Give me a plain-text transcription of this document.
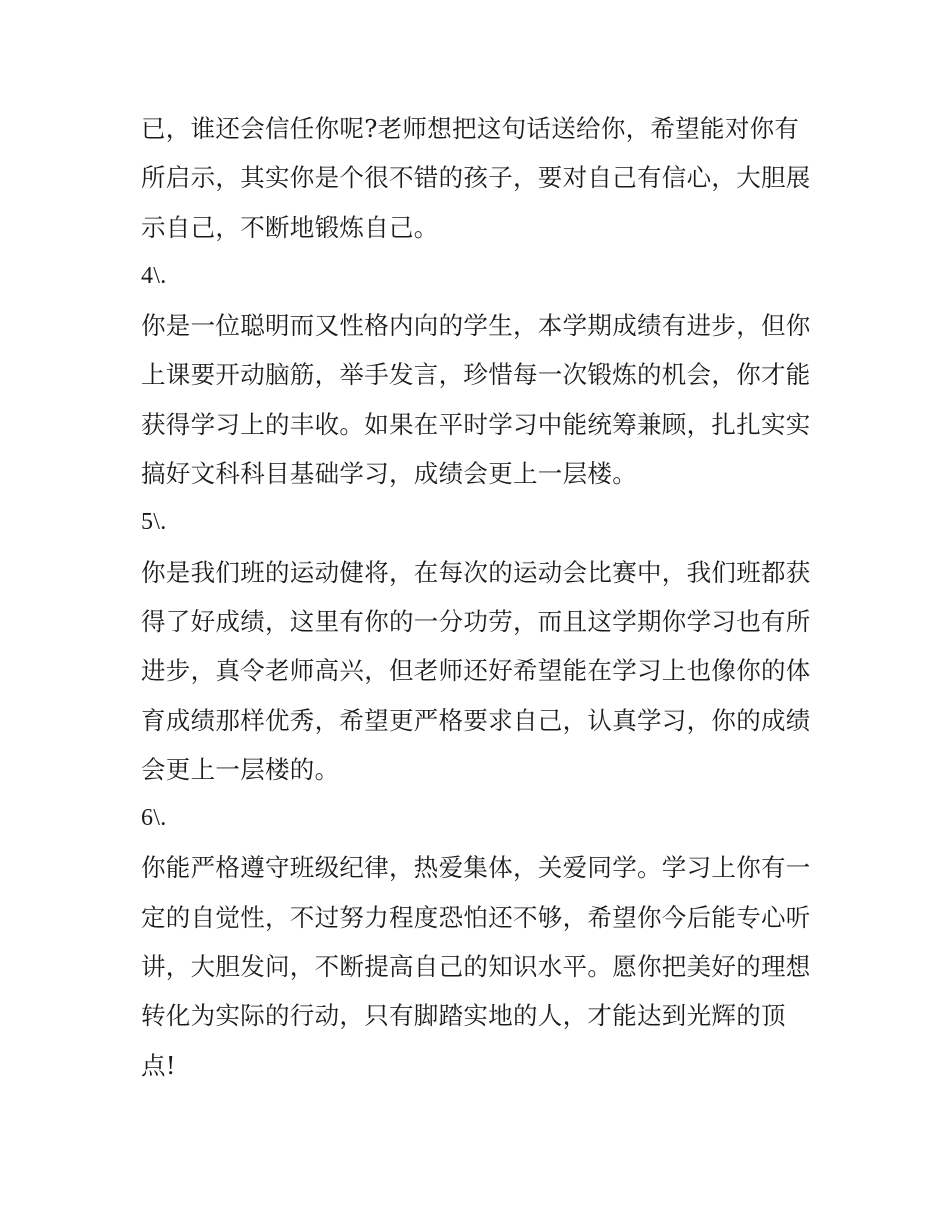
已，谁还会信任你呢?老师想把这句话送给你，希望能对你有
所启示，其实你是个很不错的孩子，要对自己有信心，大胆展
示自己，不断地锻炼自己。
4\.
你是一位聪明而又性格内向的学生，本学期成绩有进步，但你
上课要开动脑筋，举手发言，珍惜每一次锻炼的机会，你才能
获得学习上的丰收。如果在平时学习中能统筹兼顾，扎扎实实
搞好文科科目基础学习，成绩会更上一层楼。
5\.
你是我们班的运动健将，在每次的运动会比赛中，我们班都获
得了好成绩，这里有你的一分功劳，而且这学期你学习也有所
进步，真令老师高兴，但老师还好希望能在学习上也像你的体
育成绩那样优秀，希望更严格要求自己，认真学习，你的成绩
会更上一层楼的。
6\.
你能严格遵守班级纪律，热爱集体，关爱同学。学习上你有一
定的自觉性，不过努力程度恐怕还不够，希望你今后能专心听
讲，大胆发问，不断提高自己的知识水平。愿你把美好的理想
转化为实际的行动，只有脚踏实地的人，才能达到光辉的顶
点!
